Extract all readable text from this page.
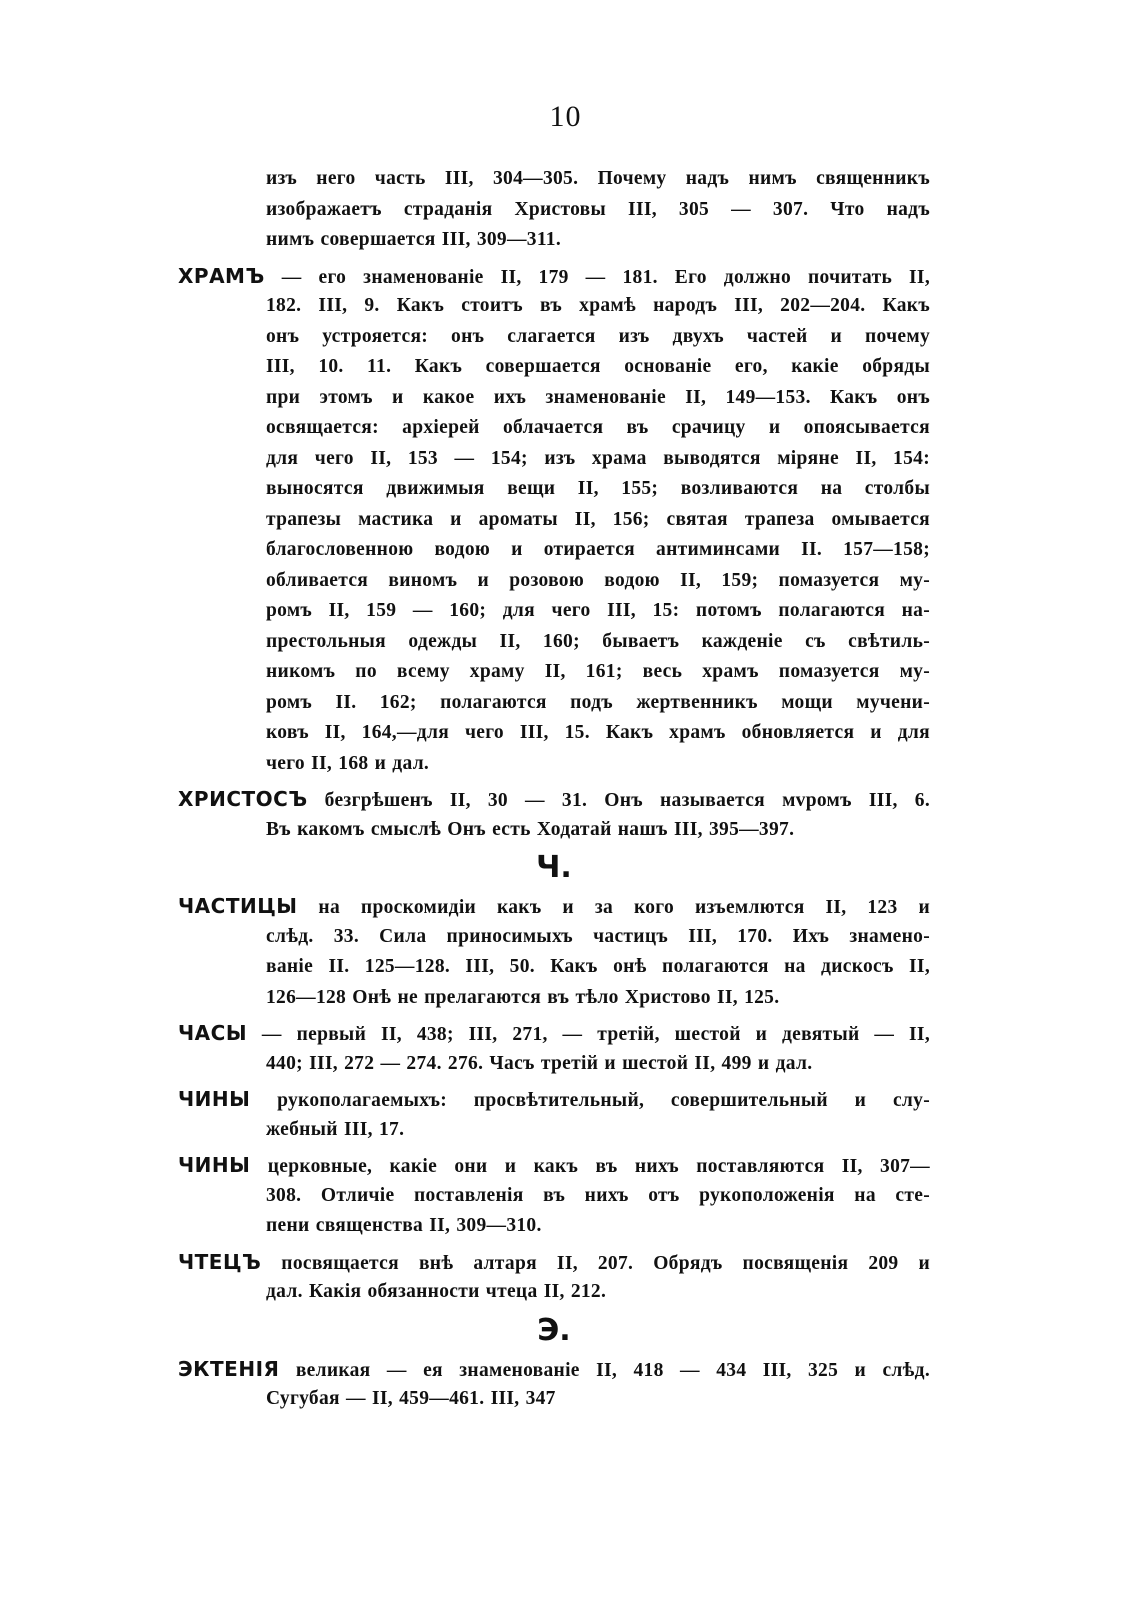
10
изъ него часть III, 304—305. Почему надъ нимъ священникъ
изображаетъ страданія Христовы III, 305 — 307. Что надъ
нимъ совершается III, 309—311.
ХРАМЪ — его знаменованіе II, 179 — 181. Его должно почитать II,
182. III, 9. Какъ стоитъ въ храмѣ народъ III, 202—204. Какъ
онъ устрояется: онъ слагается изъ двухъ частей и почему
III, 10. 11. Какъ совершается основаніе его, какіе обряды
при этомъ и какое ихъ знаменованіе II, 149—153. Какъ онъ
освящается: архіерей облачается въ срачицу и опоясывается
для чего II, 153 — 154; изъ храма выводятся міряне II, 154:
выносятся движимыя вещи II, 155; возливаются на столбы
трапезы мастика и ароматы II, 156; святая трапеза омывается
благословенною водою и отирается антиминсами II. 157—158;
обливается виномъ и розовою водою II, 159; помазуется му-
ромъ II, 159 — 160; для чего III, 15: потомъ полагаются на-
престольныя одежды II, 160; бываетъ кажденіе съ свѣтиль-
никомъ по всему храму II, 161; весь храмъ помазуется му-
ромъ II. 162; полагаются подъ жертвенникъ мощи мучени-
ковъ II, 164,—для чего III, 15. Какъ храмъ обновляется и для
чего II, 168 и дал.
ХРИСТОСЪ безгрѣшенъ II, 30 — 31. Онъ называется мvромъ III, 6.
Въ какомъ смыслѣ Онъ есть Ходатай нашъ III, 395—397.
Ч.
ЧАСТИЦЫ на проскомидіи какъ и за кого изъемлются II, 123 и
слѣд. 33. Сила приносимыхъ частицъ III, 170. Ихъ знамено-
ваніе II. 125—128. III, 50. Какъ онѣ полагаются на дискосъ II,
126—128 Онѣ не прелагаются въ тѣло Христово II, 125.
ЧАСЫ — первый II, 438; III, 271, — третій, шестой и девятый — II,
440; III, 272 — 274. 276. Часъ третій и шестой II, 499 и дал.
ЧИНЫ рукополагаемыхъ: просвѣтительный, совершительный и слу-
жебный III, 17.
ЧИНЫ церковные, какіе они и какъ въ нихъ поставляются II, 307—
308. Отличіе поставленія въ нихъ отъ рукоположенія на сте-
пени священства II, 309—310.
ЧТЕЦЪ посвящается внѣ алтаря II, 207. Обрядъ посвященія 209 и
дал. Какія обязанности чтеца II, 212.
Э.
ЭКТЕНІЯ великая — ея знаменованіе II, 418 — 434 III, 325 и слѣд.
Сугубая — II, 459—461. III, 347
